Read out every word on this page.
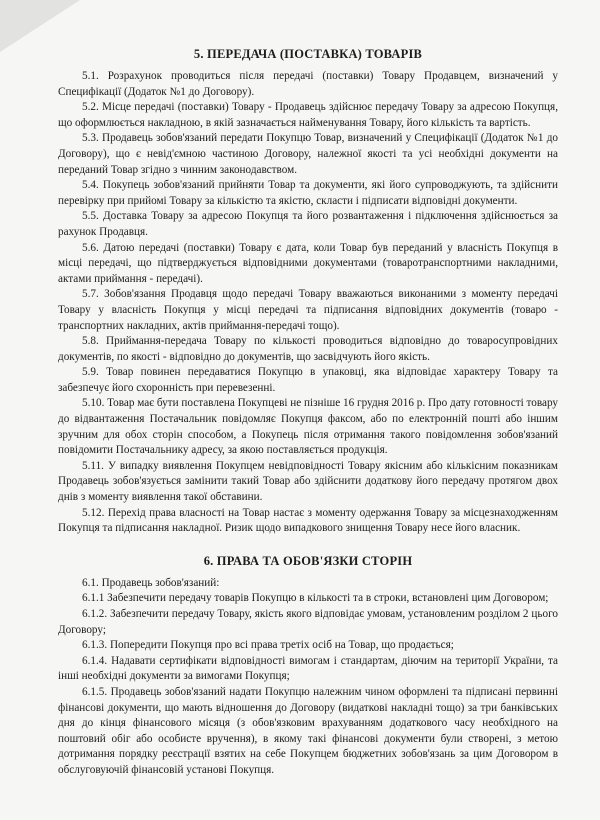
5. ПЕРЕДАЧА (ПОСТАВКА) ТОВАРІВ

5.1. Розрахунок проводиться після передачі (поставки) Товару Продавцем, визначений у Специфікації (Додаток №1 до Договору).

5.2. Місце передачі (поставки) Товару - Продавець здійснює передачу Товару за адресою Покупця, що оформлюється накладною, в якій зазначається найменування Товару, його кількість та вартість.

5.3. Продавець зобов'язаний передати Покупцю Товар, визначений у Специфікації (Додаток №1 до Договору), що є невід'ємною частиною Договору, належної якості та усі необхідні документи на переданий Товар згідно з чинним законодавством.

5.4. Покупець зобов'язаний прийняти Товар та документи, які його супроводжують, та здійснити перевірку при прийомі Товару за кількістю та якістю, скласти і підписати відповідні документи.

5.5. Доставка Товару за адресою Покупця та його розвантаження і підключення здійснюється за рахунок Продавця.

5.6. Датою передачі (поставки) Товару є дата, коли Товар був переданий у власність Покупця в місці передачі, що підтверджується відповідними документами (товаротранспортними накладними, актами приймання - передачі).

5.7. Зобов'язання Продавця щодо передачі Товару вважаються виконаними з моменту передачі Товару у власність Покупця у місці передачі та підписання відповідних документів (товаро - транспортних накладних, актів приймання-передачі тощо).

5.8. Приймання-передача Товару по кількості проводиться відповідно до товаросупровідних документів, по якості - відповідно до документів, що засвідчують його якість.

5.9. Товар повинен передаватися Покупцю в упаковці, яка відповідає характеру Товару та забезпечує його схоронність при перевезенні.

5.10. Товар має бути поставлена Покупцеві не пізніше 16 грудня 2016 р. Про дату готовності товару до відвантаження Постачальник повідомляє Покупця факсом, або по електронній пошті або іншим зручним для обох сторін способом, а Покупець після отримання такого повідомлення зобов'язаний повідомити Постачальнику адресу, за якою поставляється продукція.

5.11. У випадку виявлення Покупцем невідповідності Товару якісним або кількісним показникам Продавець зобов'язується замінити такий Товар або здійснити додаткову його передачу протягом двох днів з моменту виявлення такої обставини.

5.12. Перехід права власності на Товар настає з моменту одержання Товару за місцезнаходженням Покупця та підписання накладної. Ризик щодо випадкового знищення Товару несе його власник.

6. ПРАВА ТА ОБОВ'ЯЗКИ СТОРІН

6.1. Продавець зобов'язаний:

6.1.1 Забезпечити передачу товарів Покупцю в кількості та в строки, встановлені цим Договором;

6.1.2. Забезпечити передачу Товару, якість якого відповідає умовам, установленим розділом 2 цього Договору;

6.1.3. Попередити Покупця про всі права третіх осіб на Товар, що продається;

6.1.4. Надавати сертифікати відповідності вимогам і стандартам, діючим на території України, та інші необхідні документи за вимогами Покупця;

6.1.5. Продавець зобов'язаний надати Покупцю належним чином оформлені та підписані первинні фінансові документи, що мають відношення до Договору (видаткові накладні тощо) за три банківських дня до кінця фінансового місяця (з обов'язковим врахуванням додаткового часу необхідного на поштовий обіг або особисте вручення), в якому такі фінансові документи були створені, з метою дотримання порядку реєстрації взятих на себе Покупцем бюджетних зобов'язань за цим Договором в обслуговуючій фінансовій установі Покупця.
